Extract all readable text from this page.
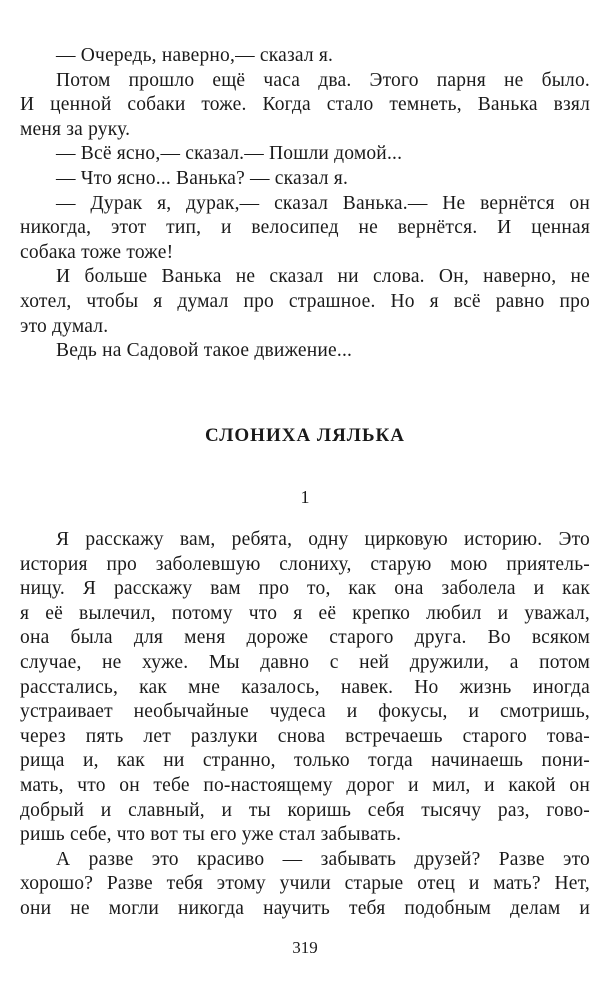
— Очередь, наверно,— сказал я.
Потом прошло ещё часа два. Этого парня не было.
И ценной собаки тоже. Когда стало темнеть, Ванька взял
меня за руку.
— Всё ясно,— сказал.— Пошли домой...
— Что ясно... Ванька? — сказал я.
— Дурак я, дурак,— сказал Ванька.— Не вернётся он
никогда, этот тип, и велосипед не вернётся. И ценная
собака тоже тоже!
И больше Ванька не сказал ни слова. Он, наверно, не
хотел, чтобы я думал про страшное. Но я всё равно про
это думал.
Ведь на Садовой такое движение...
СЛОНИХА ЛЯЛЬКА
1
Я расскажу вам, ребята, одну цирковую историю. Это
история про заболевшую слониху, старую мою приятель-
ницу. Я расскажу вам про то, как она заболела и как
я её вылечил, потому что я её крепко любил и уважал,
она была для меня дороже старого друга. Во всяком
случае, не хуже. Мы давно с ней дружили, а потом
расстались, как мне казалось, навек. Но жизнь иногда
устраивает необычайные чудеса и фокусы, и смотришь,
через пять лет разлуки снова встречаешь старого това-
рища и, как ни странно, только тогда начинаешь пони-
мать, что он тебе по-настоящему дорог и мил, и какой он
добрый и славный, и ты коришь себя тысячу раз, гово-
ришь себе, что вот ты его уже стал забывать.
А разве это красиво — забывать друзей? Разве это
хорошо? Разве тебя этому учили старые отец и мать? Нет,
они не могли никогда научить тебя подобным делам и
319
